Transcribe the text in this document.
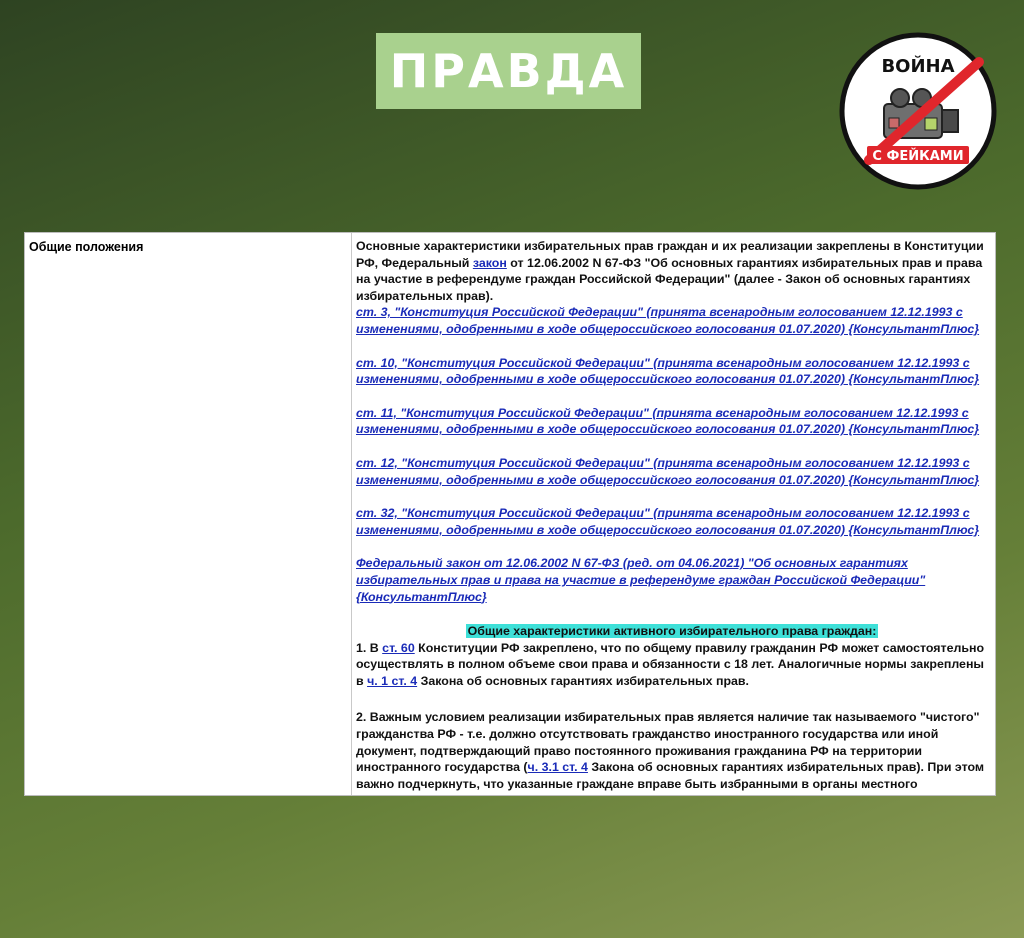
ПРАВДА	ВОЙНА
С ФЕЙКАМИ
Общие положения	Основные характеристики избирательных прав граждан и их реализации закреплены в Конституции РФ, Федеральный закон от 12.06.2002 N 67-ФЗ "Об основных гарантиях избирательных прав и права на участие в референдуме граждан Российской Федерации" (далее - Закон об основных гарантиях избирательных прав).

ст. 3, "Конституция Российской Федерации" (принята всенародным голосованием 12.12.1993 с изменениями, одобренными в ходе общероссийского голосования 01.07.2020) {КонсультантПлюс}

ст. 10, "Конституция Российской Федерации" (принята всенародным голосованием 12.12.1993 с изменениями, одобренными в ходе общероссийского голосования 01.07.2020) {КонсультантПлюс}

ст. 11, "Конституция Российской Федерации" (принята всенародным голосованием 12.12.1993 с изменениями, одобренными в ходе общероссийского голосования 01.07.2020) {КонсультантПлюс}

ст. 12, "Конституция Российской Федерации" (принята всенародным голосованием 12.12.1993 с изменениями, одобренными в ходе общероссийского голосования 01.07.2020) {КонсультантПлюс}

ст. 32, "Конституция Российской Федерации" (принята всенародным голосованием 12.12.1993 с изменениями, одобренными в ходе общероссийского голосования 01.07.2020) {КонсультантПлюс}

Федеральный закон от 12.06.2002 N 67-ФЗ (ред. от 04.06.2021) "Об основных гарантиях избирательных прав и права на участие в референдуме граждан Российской Федерации" {КонсультантПлюс}

Общие характеристики активного избирательного права граждан:

1. В ст. 60 Конституции РФ закреплено, что по общему правилу гражданин РФ может самостоятельно осуществлять в полном объеме свои права и обязанности с 18 лет. Аналогичные нормы закреплены в ч. 1 ст. 4 Закона об основных гарантиях избирательных прав.

2. Важным условием реализации избирательных прав является наличие так называемого "чистого" гражданства РФ - т.е. должно отсутствовать гражданство иностранного государства или иной документ, подтверждающий право постоянного проживания гражданина РФ на территории иностранного государства (ч. 3.1 ст. 4 Закона об основных гарантиях избирательных прав). При этом важно подчеркнуть, что указанные граждане вправе быть избранными в органы местного
